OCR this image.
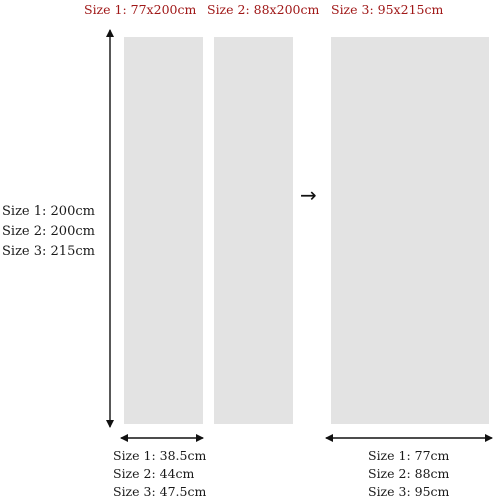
Size 1: 77x200cm Size 2: 88x200cm Size 3: 95x215cm
→
Size 1: 200cm
Size 2: 200cm
Size 3: 215cm
Size 1: 38.5cm
Size 2: 44cm
Size 3: 47.5cm
Size 1: 77cm
Size 2: 88cm
Size 3: 95cm
